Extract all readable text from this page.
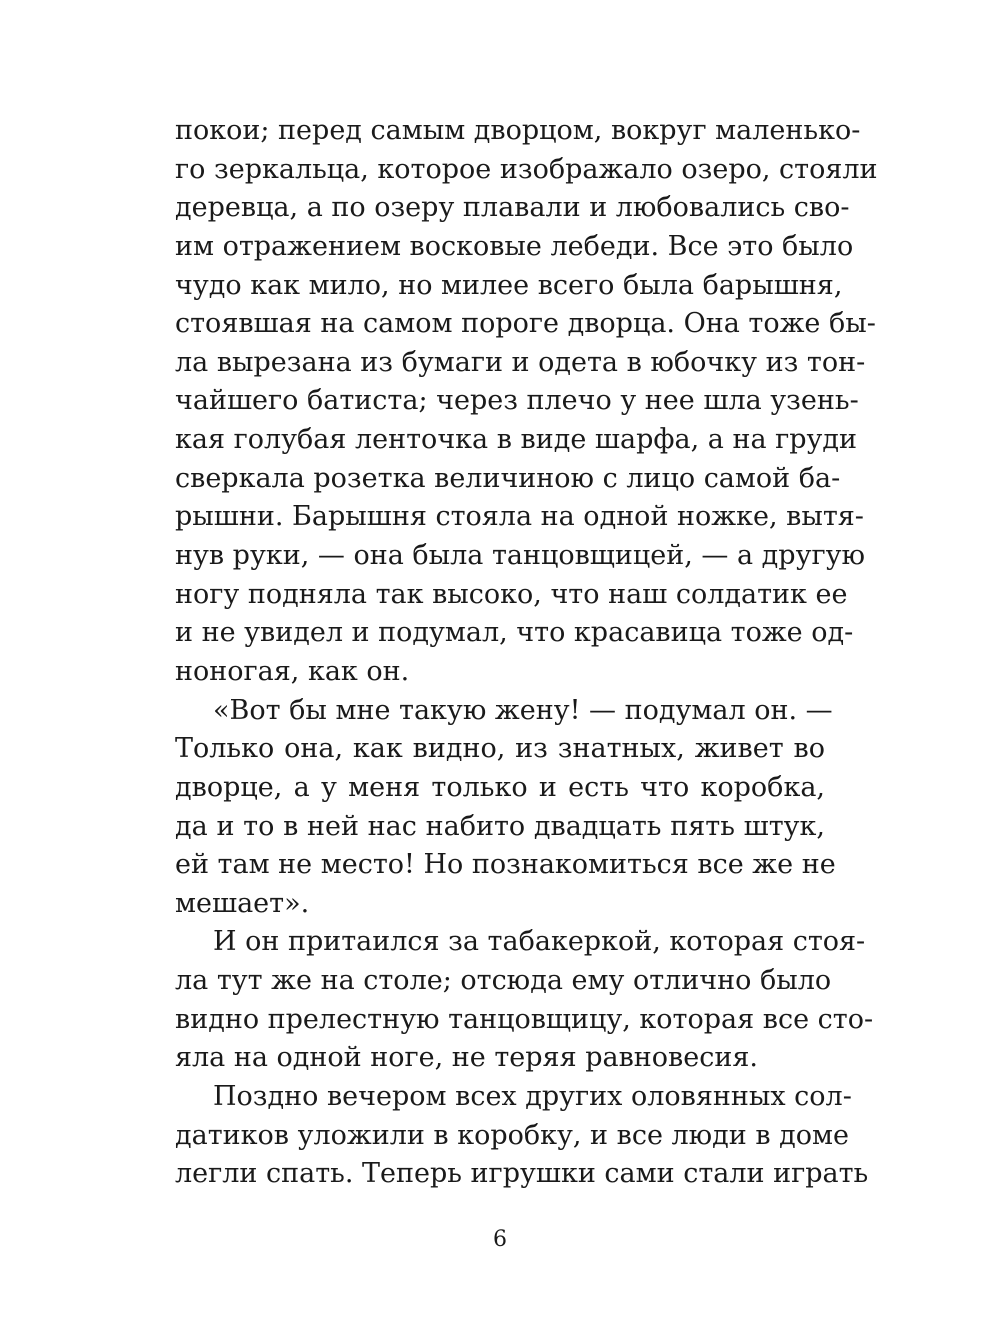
покои; перед самым дворцом, вокруг маленько-
го зеркальца, которое изображало озеро, стояли
деревца, а по озеру плавали и любовались сво-
им отражением восковые лебеди. Все это было
чудо как мило, но милее всего была барышня,
стоявшая на самом пороге дворца. Она тоже бы-
ла вырезана из бумаги и одета в юбочку из тон-
чайшего батиста; через плечо у нее шла узень-
кая голубая ленточка в виде шарфа, а на груди
сверкала розетка величиною с лицо самой ба-
рышни. Барышня стояла на одной ножке, вытя-
нув руки, — она была танцовщицей, — а другую
ногу подняла так высоко, что наш солдатик ее
и не увидел и подумал, что красавица тоже од-
ноногая, как он.
«Вот бы мне такую жену! — подумал он. —
Только она, как видно, из знатных, живет во
дворце, а у меня только и есть что коробка,
да и то в ней нас набито двадцать пять штук,
ей там не место! Но познакомиться все же не
мешает».
И он притаился за табакеркой, которая стоя-
ла тут же на столе; отсюда ему отлично было
видно прелестную танцовщицу, которая все сто-
яла на одной ноге, не теряя равновесия.
Поздно вечером всех других оловянных сол-
датиков уложили в коробку, и все люди в доме
легли спать. Теперь игрушки сами стали играть
6
